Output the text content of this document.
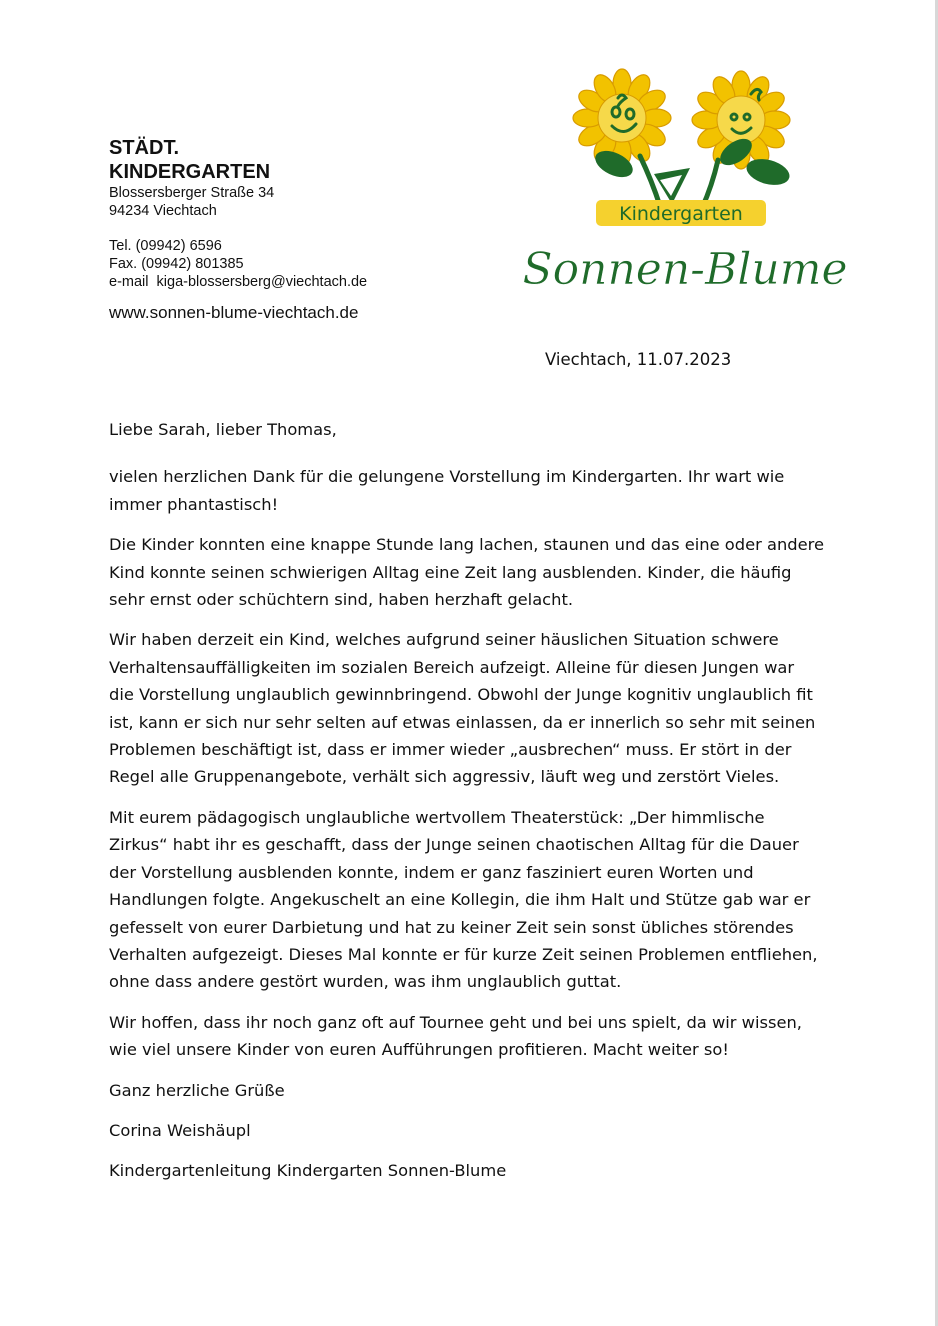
STÄDT.

KINDERGARTEN

Blossersberger Straße 34

94234 Viechtach

Tel. (09942) 6596

Fax. (09942) 801385

e-mail  kiga-blossersberg@viechtach.de

www.sonnen-blume-viechtach.de

Kindergarten
Sonnen-Blume
Viechtach, 11.07.2023

Liebe Sarah, lieber Thomas,

vielen herzlichen Dank für die gelungene Vorstellung im Kindergarten. Ihr wart wie immer phantastisch!

Die Kinder konnten eine knappe Stunde lang lachen, staunen und das eine oder andere Kind konnte seinen schwierigen Alltag eine Zeit lang ausblenden. Kinder, die häufig sehr ernst oder schüchtern sind, haben herzhaft gelacht.

Wir haben derzeit ein Kind, welches aufgrund seiner häuslichen Situation schwere Verhaltensauffälligkeiten im sozialen Bereich aufzeigt. Alleine für diesen Jungen war die Vorstellung unglaublich gewinnbringend. Obwohl der Junge kognitiv unglaublich fit ist, kann er sich nur sehr selten auf etwas einlassen, da er innerlich so sehr mit seinen Problemen beschäftigt ist, dass er immer wieder „ausbrechen“ muss. Er stört in der Regel alle Gruppenangebote, verhält sich aggressiv, läuft weg und zerstört Vieles.

Mit eurem pädagogisch unglaubliche wertvollem Theaterstück: „Der himmlische Zirkus“ habt ihr es geschafft, dass der Junge seinen chaotischen Alltag für die Dauer der Vorstellung ausblenden konnte, indem er ganz fasziniert euren Worten und Handlungen folgte. Angekuschelt an eine Kollegin, die ihm Halt und Stütze gab war er gefesselt von eurer Darbietung und hat zu keiner Zeit sein sonst übliches störendes Verhalten aufgezeigt. Dieses Mal konnte er für kurze Zeit seinen Problemen entfliehen, ohne dass andere gestört wurden, was ihm unglaublich guttat.

Wir hoffen, dass ihr noch ganz oft auf Tournee geht und bei uns spielt, da wir wissen, wie viel unsere Kinder von euren Aufführungen profitieren. Macht weiter so!

Ganz herzliche Grüße

Corina Weishäupl

Kindergartenleitung Kindergarten Sonnen-Blume
